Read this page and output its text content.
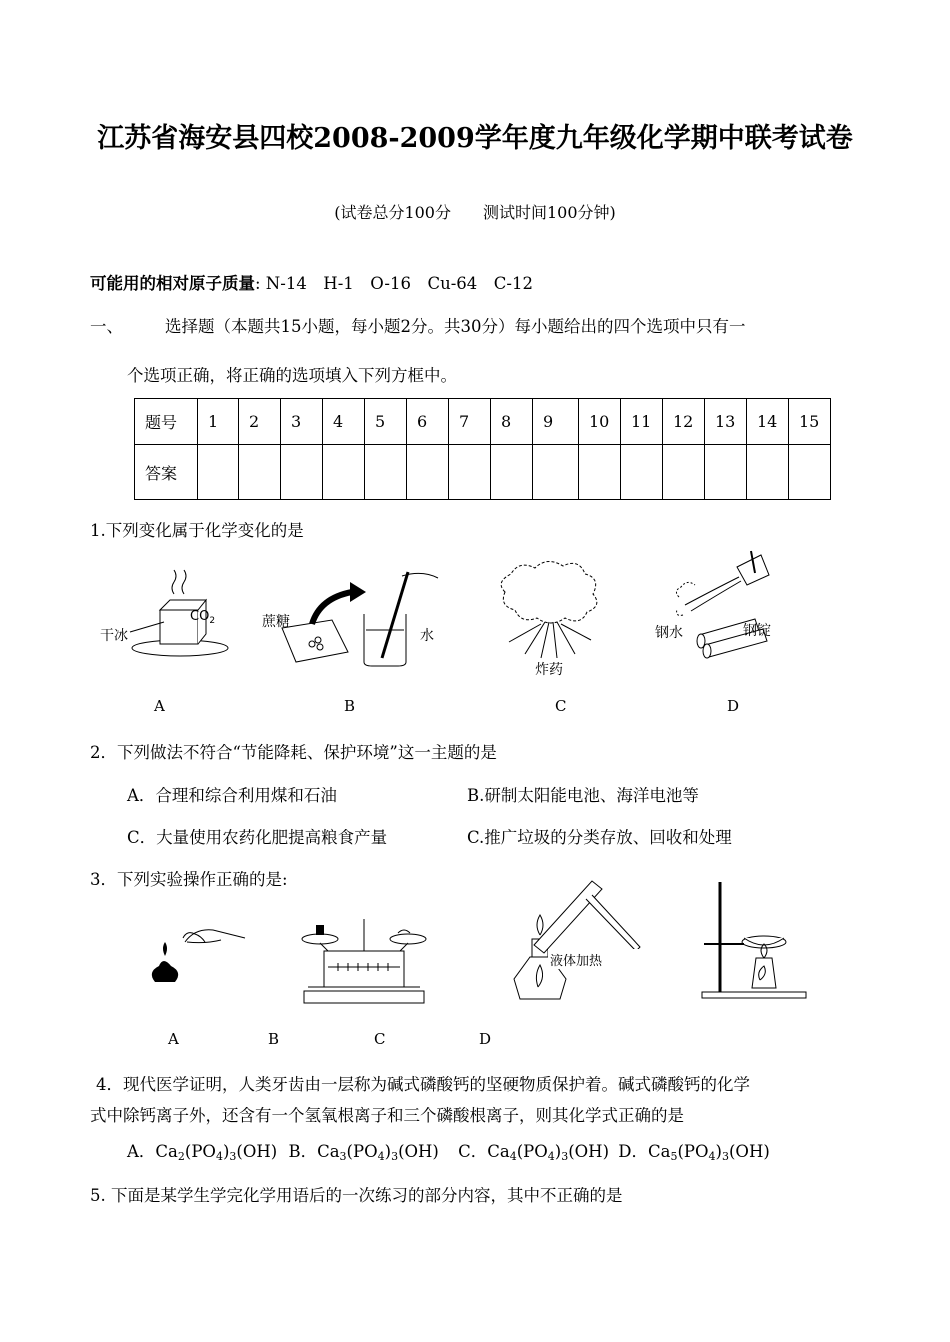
江苏省海安县四校2008-2009学年度九年级化学期中联考试卷
(试卷总分100分　　测试时间100分钟)
可能用的相对原子质量: N-14　H-1　O-16　Cu-64　C-12
一、	选择题（本题共15小题，每小题2分。共30分）每小题给出的四个选项中只有一
个选项正确，将正确的选项填入下列方框中。
题号	1	2	3	4	5	6	7	8	9	10	11	12	13	14	15
答案															
1.下列变化属于化学变化的是
干冰
$CO_2$	蔗糖
水
炸药
钢水	钢锭
A	B	C	D
2．下列做法不符合“节能降耗、保护环境”这一主题的是
A．合理和综合利用煤和石油	B.研制太阳能电池、海洋电池等
C．大量使用农药化肥提高粮食产量	C.推广垃圾的分类存放、回收和处理
3．下列实验操作正确的是:
液体加热
A	B	C	D
4．现代医学证明，人类牙齿由一层称为碱式磷酸钙的坚硬物质保护着。碱式磷酸钙的化学
式中除钙离子外，还含有一个氢氧根离子和三个磷酸根离子，则其化学式正确的是
A．$Ca_2(PO_4)_3(OH)$ B．$Ca_3(PO_4)_3(OH)$ C．$Ca_4(PO_4)_3(OH)$ D．$Ca_5(PO_4)_3(OH)$
5. 下面是某学生学完化学用语后的一次练习的部分内容，其中不正确的是
